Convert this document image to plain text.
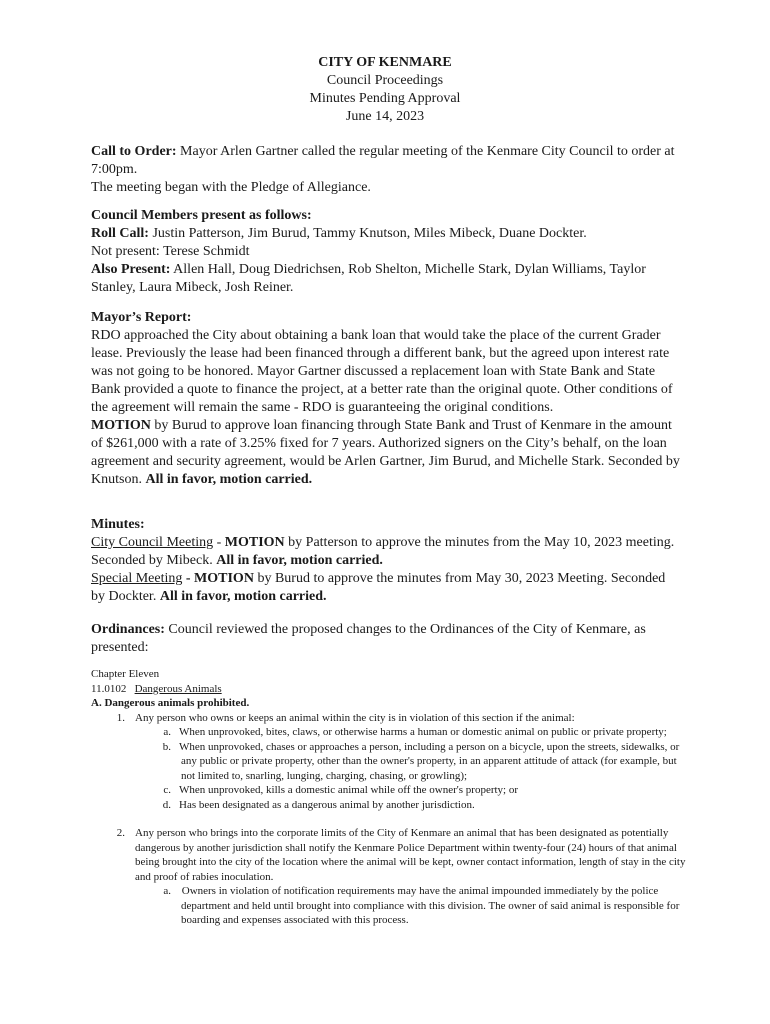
CITY OF KENMARE
Council Proceedings
Minutes Pending Approval
June 14, 2023

Call to Order: Mayor Arlen Gartner called the regular meeting of the Kenmare City Council to order at 7:00pm.

The meeting began with the Pledge of Allegiance.

Council Members present as follows:

Roll Call: Justin Patterson, Jim Burud, Tammy Knutson, Miles Mibeck, Duane Dockter.

Not present: Terese Schmidt

Also Present: Allen Hall, Doug Diedrichsen, Rob Shelton, Michelle Stark, Dylan Williams, Taylor Stanley, Laura Mibeck, Josh Reiner.

Mayor’s Report:

RDO approached the City about obtaining a bank loan that would take the place of the current Grader lease. Previously the lease had been financed through a different bank, but the agreed upon interest rate was not going to be honored. Mayor Gartner discussed a replacement loan with State Bank and State Bank provided a quote to finance the project, at a better rate than the original quote. Other conditions of the agreement will remain the same - RDO is guaranteeing the original conditions.

MOTION by Burud to approve loan financing through State Bank and Trust of Kenmare in the amount of $261,000 with a rate of 3.25% fixed for 7 years. Authorized signers on the City’s behalf, on the loan agreement and security agreement, would be Arlen Gartner, Jim Burud, and Michelle Stark. Seconded by Knutson. All in favor, motion carried.

Minutes:

City Council Meeting - MOTION by Patterson to approve the minutes from the May 10, 2023 meeting. Seconded by Mibeck. All in favor, motion carried.

Special Meeting - MOTION by Burud to approve the minutes from May 30, 2023 Meeting. Seconded by Dockter. All in favor, motion carried.

Ordinances: Council reviewed the proposed changes to the Ordinances of the City of Kenmare, as presented:

Chapter Eleven

11.0102 Dangerous Animals

A. Dangerous animals prohibited.

1. Any person who owns or keeps an animal within the city is in violation of this section if the animal:

a. When unprovoked, bites, claws, or otherwise harms a human or domestic animal on public or private property;

b. When unprovoked, chases or approaches a person, including a person on a bicycle, upon the streets, sidewalks, or any public or private property, other than the owner's property, in an apparent attitude of attack (for example, but not limited to, snarling, lunging, charging, chasing, or growling);

c. When unprovoked, kills a domestic animal while off the owner's property; or

d. Has been designated as a dangerous animal by another jurisdiction.

2. Any person who brings into the corporate limits of the City of Kenmare an animal that has been designated as potentially dangerous by another jurisdiction shall notify the Kenmare Police Department within twenty-four (24) hours of that animal being brought into the city of the location where the animal will be kept, owner contact information, length of stay in the city and proof of rabies inoculation.

a. Owners in violation of notification requirements may have the animal impounded immediately by the police department and held until brought into compliance with this division. The owner of said animal is responsible for boarding and expenses associated with this process.
